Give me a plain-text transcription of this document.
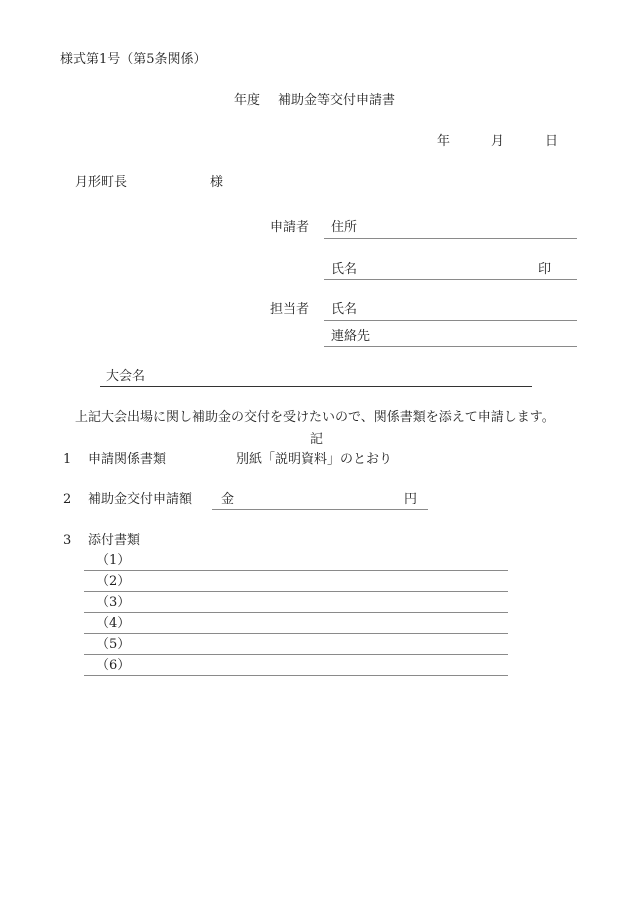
様式第1号（第5条関係）
年度 補助金等交付申請書
年	月	日
月形町長	様
申請者 住所
氏名	印
担当者 氏名
連絡先
大会名
上記大会出場に関し補助金の交付を受けたいので、関係書類を添えて申請します。
記
1 申請関係書類	別紙「説明資料」のとおり
2 補助金交付申請額 金	円
3 添付書類
（1）
（2）
（3）
（4）
（5）
（6）
